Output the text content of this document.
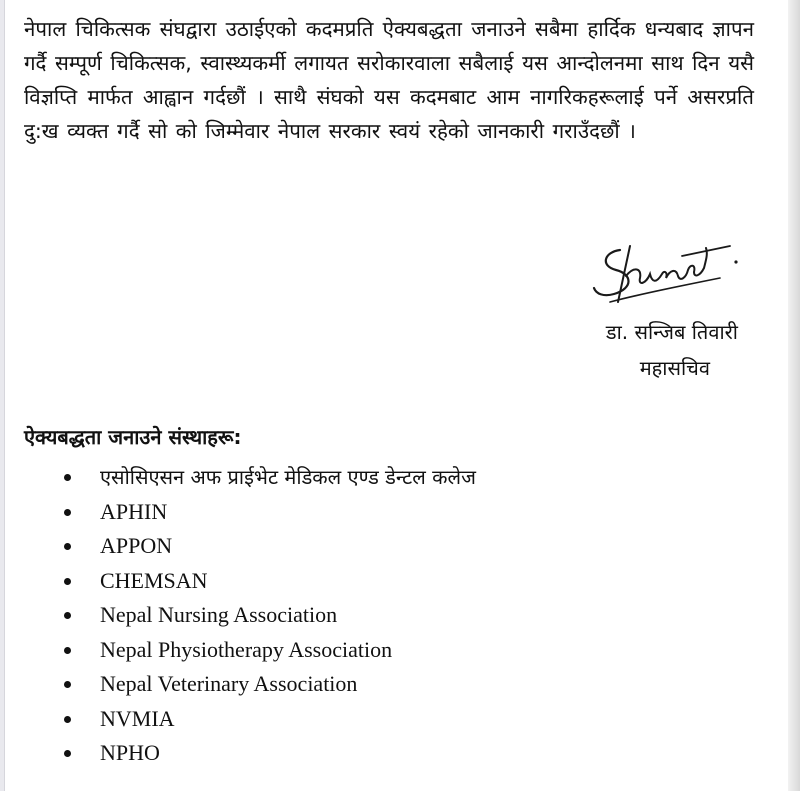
नेपाल चिकित्सक संघद्वारा उठाईएको कदमप्रति ऐक्यबद्धता जनाउने सबैमा हार्दिक धन्यबाद ज्ञापन गर्दै सम्पूर्ण चिकित्सक, स्वास्थ्यकर्मी लगायत सरोकारवाला सबैलाई यस आन्दोलनमा साथ दिन यसै विज्ञप्ति मार्फत आह्वान गर्दछौं । साथै संघको यस कदमबाट आम नागरिकहरूलाई पर्ने असरप्रति दु:ख व्यक्त गर्दै सो को जिम्मेवार नेपाल सरकार स्वयं रहेको जानकारी गराउँदछौं ।

डा. सन्जिब तिवारी
महासचिव
ऐक्यबद्धता जनाउने संस्थाहरू:
एसोसिएसन अफ प्राईभेट मेडिकल एण्ड डेन्टल कलेज
APHIN
APPON
CHEMSAN
Nepal Nursing Association
Nepal Physiotherapy Association
Nepal Veterinary Association
NVMIA
NPHO
